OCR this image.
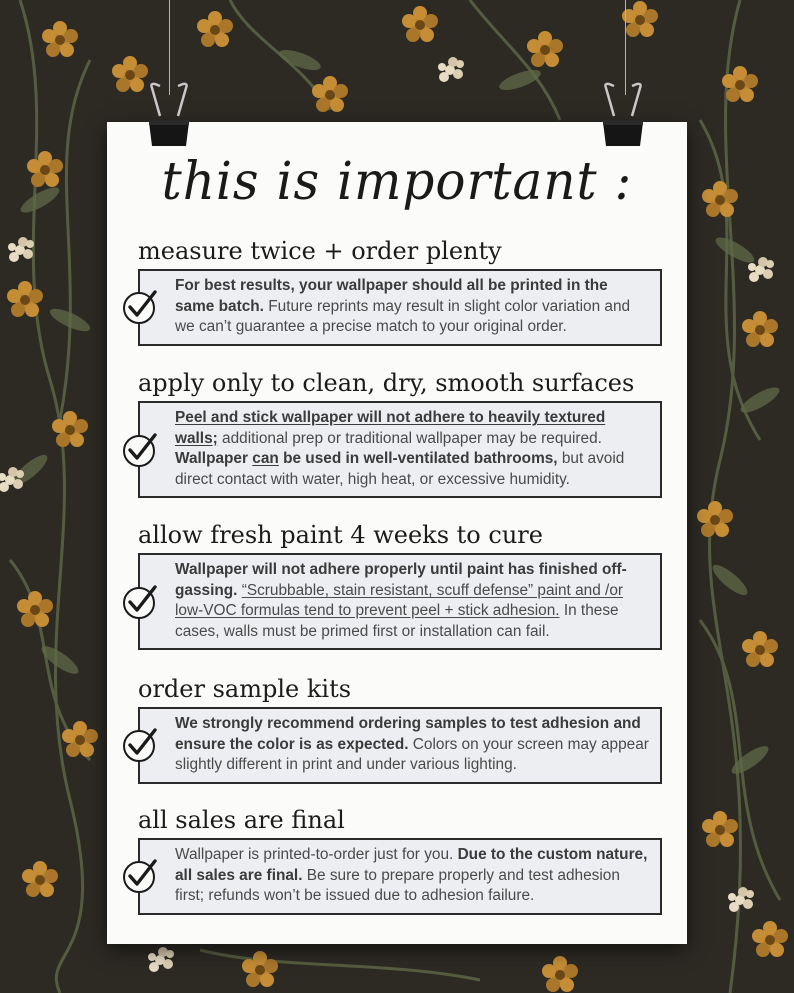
this is important :
measure twice + order plenty
For best results, your wallpaper should all be printed in the same batch. Future reprints may result in slight color variation and we can’t guarantee a precise match to your original order.
apply only to clean, dry, smooth surfaces
Peel and stick wallpaper will not adhere to heavily textured walls; additional prep or traditional wallpaper may be required. Wallpaper can be used in well-ventilated bathrooms, but avoid direct contact with water, high heat, or excessive humidity.
allow fresh paint 4 weeks to cure
Wallpaper will not adhere properly until paint has finished off-gassing. “Scrubbable, stain resistant, scuff defense” paint and /or low-VOC formulas tend to prevent peel + stick adhesion. In these cases, walls must be primed first or installation can fail.
order sample kits
We strongly recommend ordering samples to test adhesion and ensure the color is as expected. Colors on your screen may appear slightly different in print and under various lighting.
all sales are final
Wallpaper is printed-to-order just for you. Due to the custom nature, all sales are final. Be sure to prepare properly and test adhesion first; refunds won’t be issued due to adhesion failure.
